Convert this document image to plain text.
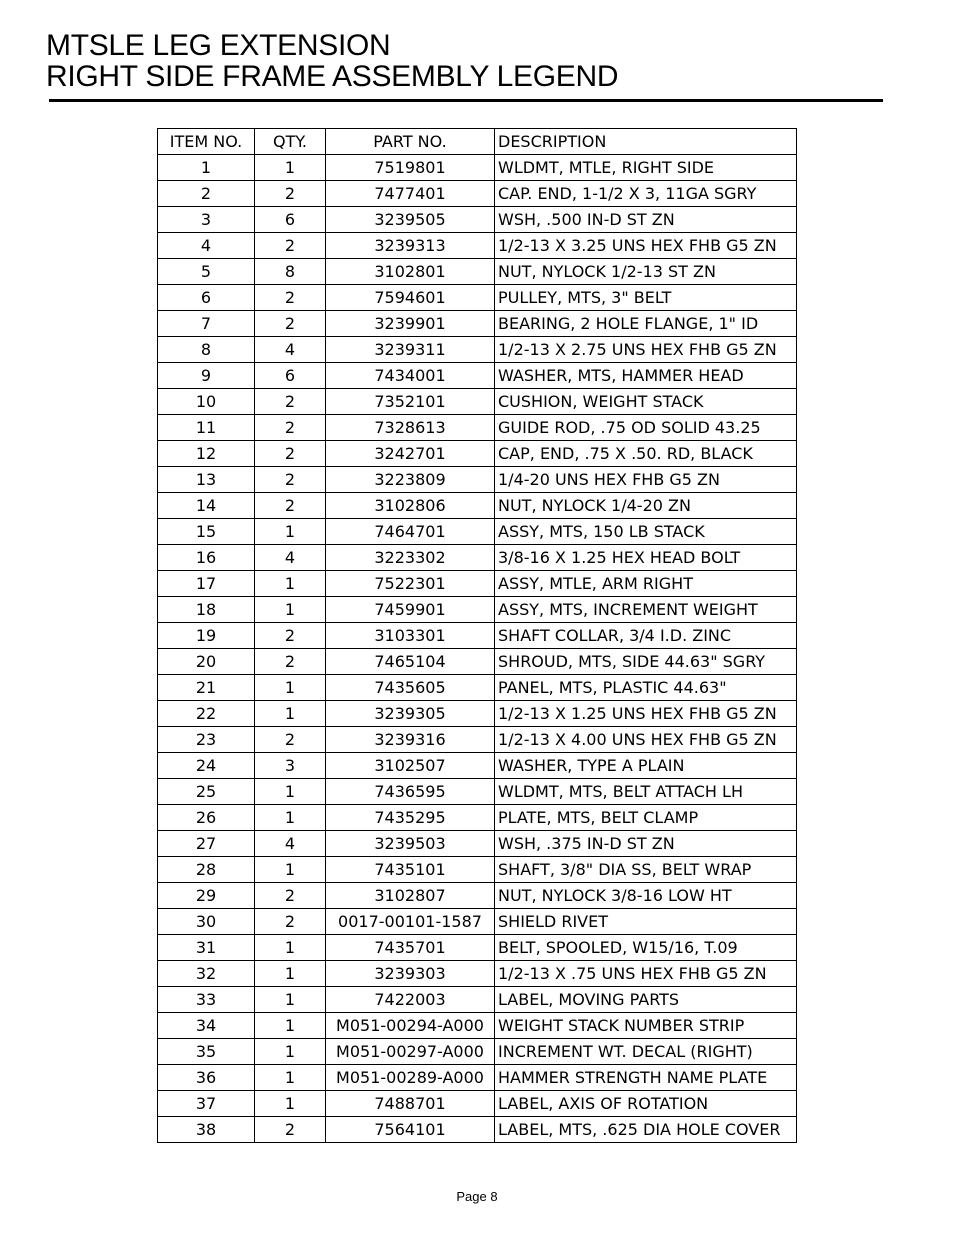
MTSLE LEG EXTENSION
RIGHT SIDE FRAME ASSEMBLY LEGEND
ITEM NO.	QTY.	PART NO.	DESCRIPTION
1	1	7519801	WLDMT, MTLE, RIGHT SIDE
2	2	7477401	CAP. END, 1-1/2 X 3, 11GA SGRY
3	6	3239505	WSH, .500 IN-D ST ZN
4	2	3239313	1/2-13 X 3.25 UNS HEX FHB G5 ZN
5	8	3102801	NUT, NYLOCK 1/2-13 ST ZN
6	2	7594601	PULLEY, MTS, 3" BELT
7	2	3239901	BEARING, 2 HOLE FLANGE, 1" ID
8	4	3239311	1/2-13 X 2.75 UNS HEX FHB G5 ZN
9	6	7434001	WASHER, MTS, HAMMER HEAD
10	2	7352101	CUSHION, WEIGHT STACK
11	2	7328613	GUIDE ROD, .75 OD SOLID 43.25
12	2	3242701	CAP, END, .75 X .50. RD, BLACK
13	2	3223809	1/4-20 UNS HEX FHB G5 ZN
14	2	3102806	NUT, NYLOCK 1/4-20 ZN
15	1	7464701	ASSY, MTS, 150 LB STACK
16	4	3223302	3/8-16 X 1.25 HEX HEAD BOLT
17	1	7522301	ASSY, MTLE, ARM RIGHT
18	1	7459901	ASSY, MTS, INCREMENT WEIGHT
19	2	3103301	SHAFT COLLAR, 3/4 I.D. ZINC
20	2	7465104	SHROUD, MTS, SIDE 44.63" SGRY
21	1	7435605	PANEL, MTS, PLASTIC 44.63"
22	1	3239305	1/2-13 X 1.25 UNS HEX FHB G5 ZN
23	2	3239316	1/2-13 X 4.00 UNS HEX FHB G5 ZN
24	3	3102507	WASHER, TYPE A PLAIN
25	1	7436595	WLDMT, MTS, BELT ATTACH LH
26	1	7435295	PLATE, MTS, BELT CLAMP
27	4	3239503	WSH, .375 IN-D ST ZN
28	1	7435101	SHAFT, 3/8" DIA SS, BELT WRAP
29	2	3102807	NUT, NYLOCK 3/8-16 LOW HT
30	2	0017-00101-1587	SHIELD RIVET
31	1	7435701	BELT, SPOOLED, W15/16, T.09
32	1	3239303	1/2-13 X .75 UNS HEX FHB G5 ZN
33	1	7422003	LABEL, MOVING PARTS
34	1	M051-00294-A000	WEIGHT STACK NUMBER STRIP
35	1	M051-00297-A000	INCREMENT WT. DECAL (RIGHT)
36	1	M051-00289-A000	HAMMER STRENGTH NAME PLATE
37	1	7488701	LABEL, AXIS OF ROTATION
38	2	7564101	LABEL, MTS, .625 DIA HOLE COVER
Page 8
